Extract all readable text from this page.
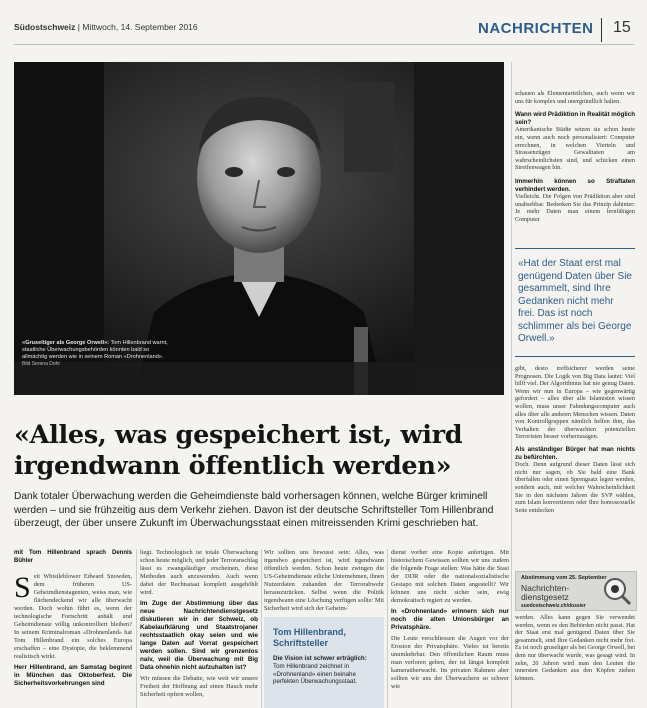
Südostschweiz | Mittwoch, 14. September 2016	NACHRICHTEN 15
«Gruseltiger als George Orwell»: Tom Hillenbrand warnt, staatliche Überwachungsbehörden könnten bald so allmächtig werden wie in seinem Roman «Drohnenland». Bild Serena Dohr
schauen als Elementarteilchen, auch wenn wir uns für komplex und unergründlich halten.
Wann wird Prädiktion in Realität möglich sein?
Amerikanische Städte setzen sie schon heute ein, wenn auch noch personalisiert: Computer errechnen, in welchen Vierteln und Strassenzügen Gewalttaten am wahrscheinlichsten sind, und schicken einen Streifenwagen hin.
Immerhin können so Straftaten verhindert werden.
Vielleicht. Die Folgen von Prädiktion aber sind unabsehbar. Bedenken Sie das Prinzip dahinter: Je mehr Daten man einem lernfähigen Computer
«Hat der Staat erst mal genügend Daten über Sie gesammelt, sind Ihre Gedanken nicht mehr frei. Das ist noch schlimmer als bei George Orwell.»
gibt, desto treffsicherer werden seine Prognosen. Die Logik von Big Data lautet: Viel hilft viel. Der Algorithmus hat nie genug Daten. Wenn wir nun in Europa – wie gegenwärtig gefordert – alles über alle Islamisten wissen wollen, muss unser Fahndungscomputer auch alles über alle anderen Menschen wissen. Daten von Kontrollgruppen nämlich helfen ihm, das Verhalten der überwachten potenziellen Terroristen besser vorherzusagen.
Als anständiger Bürger hat man nichts zu befürchten.
Doch. Denn aufgrund dieser Daten lässt sich nicht nur sagen, ob Sie bald eine Bank überfallen oder einen Sprengsatz legen werden, sondern auch, mit welcher Wahrscheinlichkeit Sie in den nächsten Jahren die SVP wählen, zum Islam konvertieren oder Ihre homosexuelle Seite entdecken
Abstimmung vom 25. September
Nachrichtendienstgesetz
suedostschweiz.ch/dossier
werden. Alles kann gegen Sie verwendet werden, wenn es den Behörden nicht passt. Hat der Staat erst mal genügend Daten über Sie gesammelt, sind Ihre Gedanken nicht mehr frei. Es ist noch gruseliger als bei George Orwell, bei dem nur überwacht wurde, was gesagt wird. In zehn, 20 Jahren wird man den Leuten die innersten Gedanken aus den Köpfen ziehen können.
«Alles, was gespeichert ist, wird irgendwann öffentlich werden»
Dank totaler Überwachung werden die Geheimdienste bald vorhersagen können, welche Bürger kriminell werden – und sie frühzeitig aus dem Verkehr ziehen. Davon ist der deutsche Schriftsteller Tom Hillenbrand überzeugt, der über unsere Zukunft im Überwachungsstaat einen mitreissenden Krimi geschrieben hat.
mit Tom Hillenbrand sprach Dennis Bühler

S eit Whistleblower Edward Snowden, dem früheren US-Geheimdienstagenten, weiss man, wie flächendeckend wir alle überwacht werden. Doch wohin führt es, wenn der technologische Fortschritt anhält und Geheimdienste völlig unkontrolliert bleiben? In seinem Kriminalroman «Drohnenland» hat Tom Hillenbrand ein solches Europa erschaffen – eine Dystopie, die beklemmend realistisch wirkt.

Herr Hillenbrand, am Samstag beginnt in München das Oktoberfest. Die Sicherheitsvorkehrungen sind

liegt. Technologisch ist totale Überwachung schon heute möglich, und jeder Terroranschlag lässt es zwangsläufiger erscheinen, diese Methoden auch anzuwenden. Auch wenn dabei der Rechtsstaat komplett ausgehöhlt wird.

Im Zuge der Abstimmung über das neue Nachrichtendienstgesetz diskutieren wir in der Schweiz, ob Kabelaufklärung und Staatstrojaner rechtsstaatlich okay seien und wie lange Daten auf Vorrat gespeichert werden sollen. Sind wir grenzenlos naiv, weil die Überwachung mit Big Data ohnehin nicht aufzuhalten ist?

Wir müssen die Debatte, wie weit wir unsere Freiheit der Hoffnung auf einen Hauch mehr Sicherheit opfern wollen,

Wir sollten uns bewusst sein: Alles, was irgendwo gespeichert ist, wird irgendwann öffentlich werden. Schon heute zwingen die US-Geheimdienste etliche Unternehmen, ihnen Nutzerdaten zuhanden der Terrorabwehr herauszurücken. Selbst wenn die Politik irgendwann eine Löschung verfügen sollte: Mit Sicherheit wird sich der Geheim-

Tom Hillenbrand, Schriftsteller
Die Vision ist schwer erträglich: Tom Hillenbrand zeichnet in «Drohnenland» einen beinahe perfekten Überwachungsstaat.

dienst vorher eine Kopie anfertigen. Mit historischem Gewissen sollten wir uns zudem die folgende Frage stellen: Was hätte die Stasi der DDR oder die nationalsozialistische Gestapo mit solchen Daten angestellt? Wir können uns nicht sicher sein, ewig demokratisch regiert zu werden.

In «Drohnenland» erinnern sich nur noch die alten Unionsbürger an Privatsphäre.

Die Leute verschliessen die Augen vor der Erosion der Privatsphäre. Vieles ist bereits unumkehrbar. Den öffentlichen Raum muss man verloren geben, der ist längst komplett kameraüberwacht. Im privaten Rahmen aber sollten wir uns der Überwachern so schwer wie
